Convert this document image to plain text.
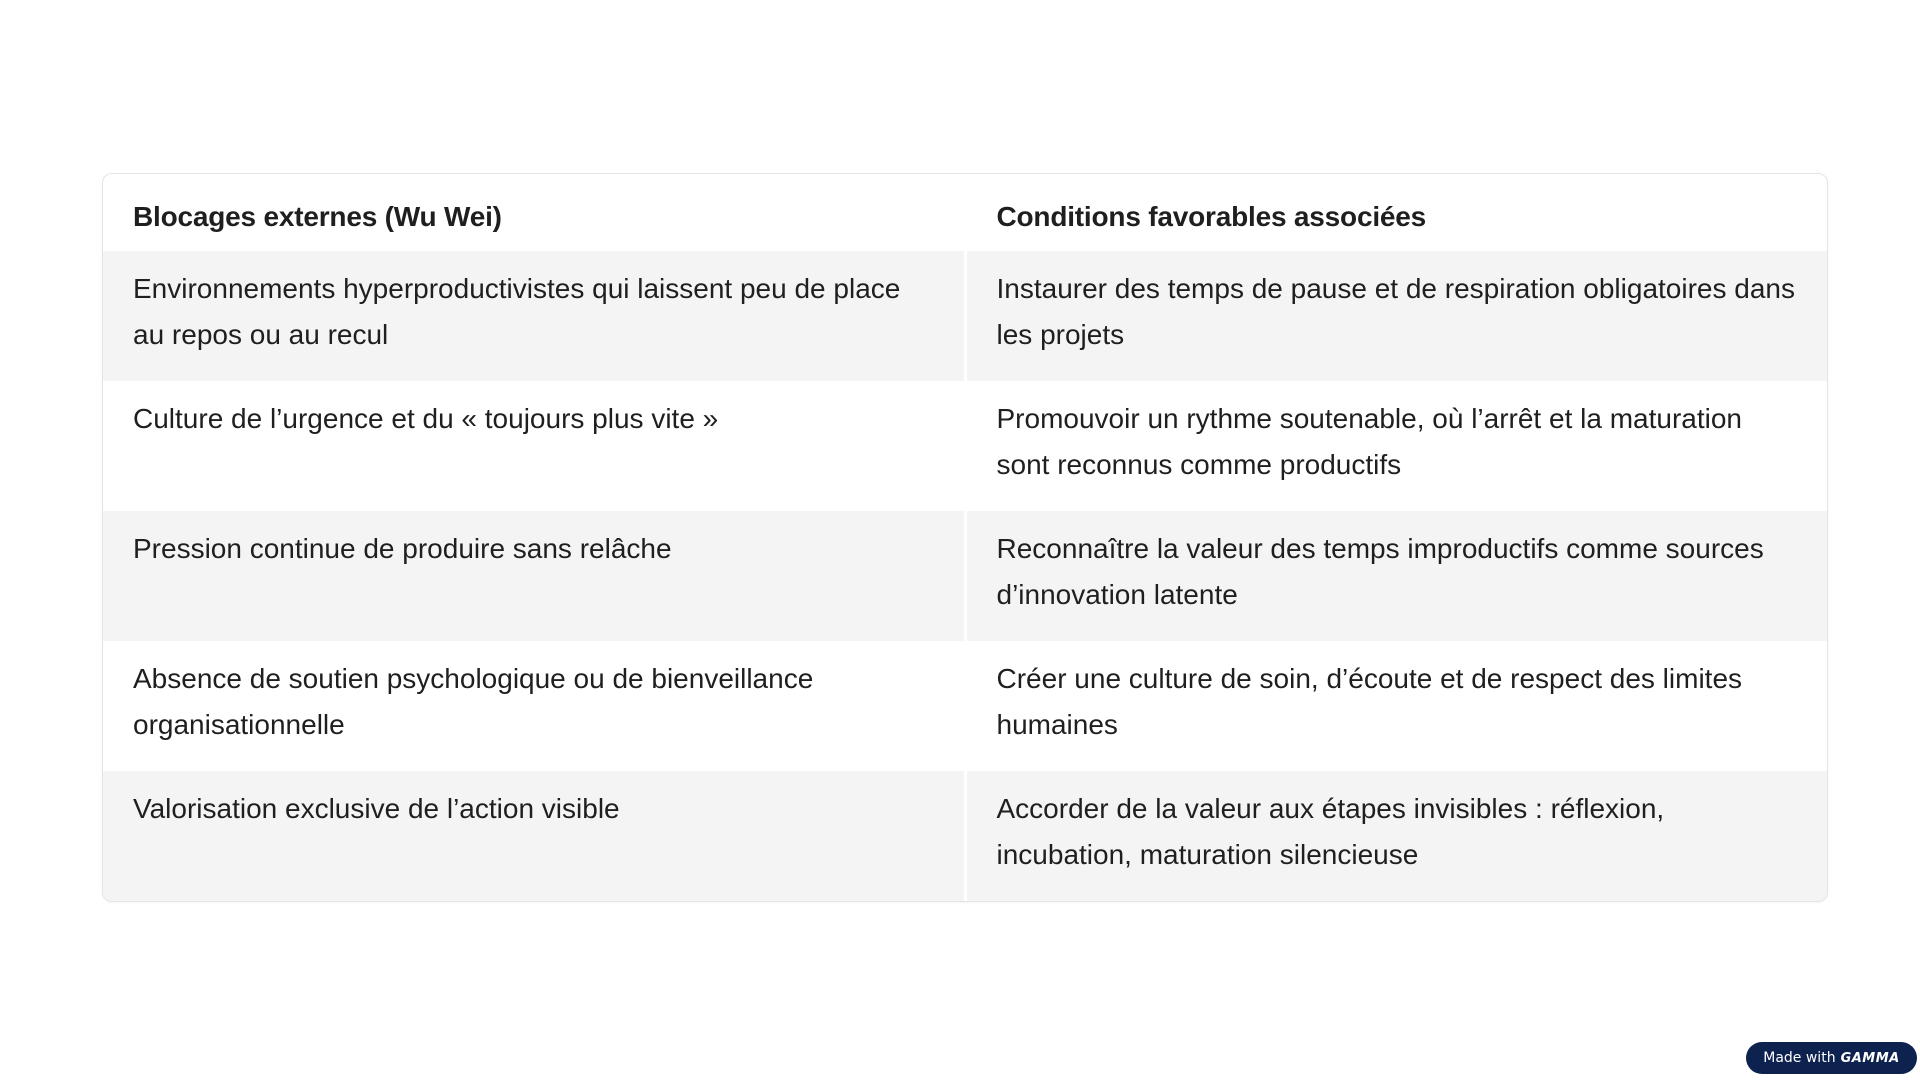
Blocages externes (Wu Wei)	Conditions favorables associées
Environnements hyperproductivistes qui laissent peu de place au repos ou au recul	Instaurer des temps de pause et de respiration obligatoires dans les projets
Culture de l’urgence et du « toujours plus vite »	Promouvoir un rythme soutenable, où l’arrêt et la maturation sont reconnus comme productifs
Pression continue de produire sans relâche	Reconnaître la valeur des temps improductifs comme sources d’innovation latente
Absence de soutien psychologique ou de bienveillance organisationnelle	Créer une culture de soin, d’écoute et de respect des limites humaines
Valorisation exclusive de l’action visible	Accorder de la valeur aux étapes invisibles : réflexion, incubation, maturation silencieuse
Made with GAMMA
